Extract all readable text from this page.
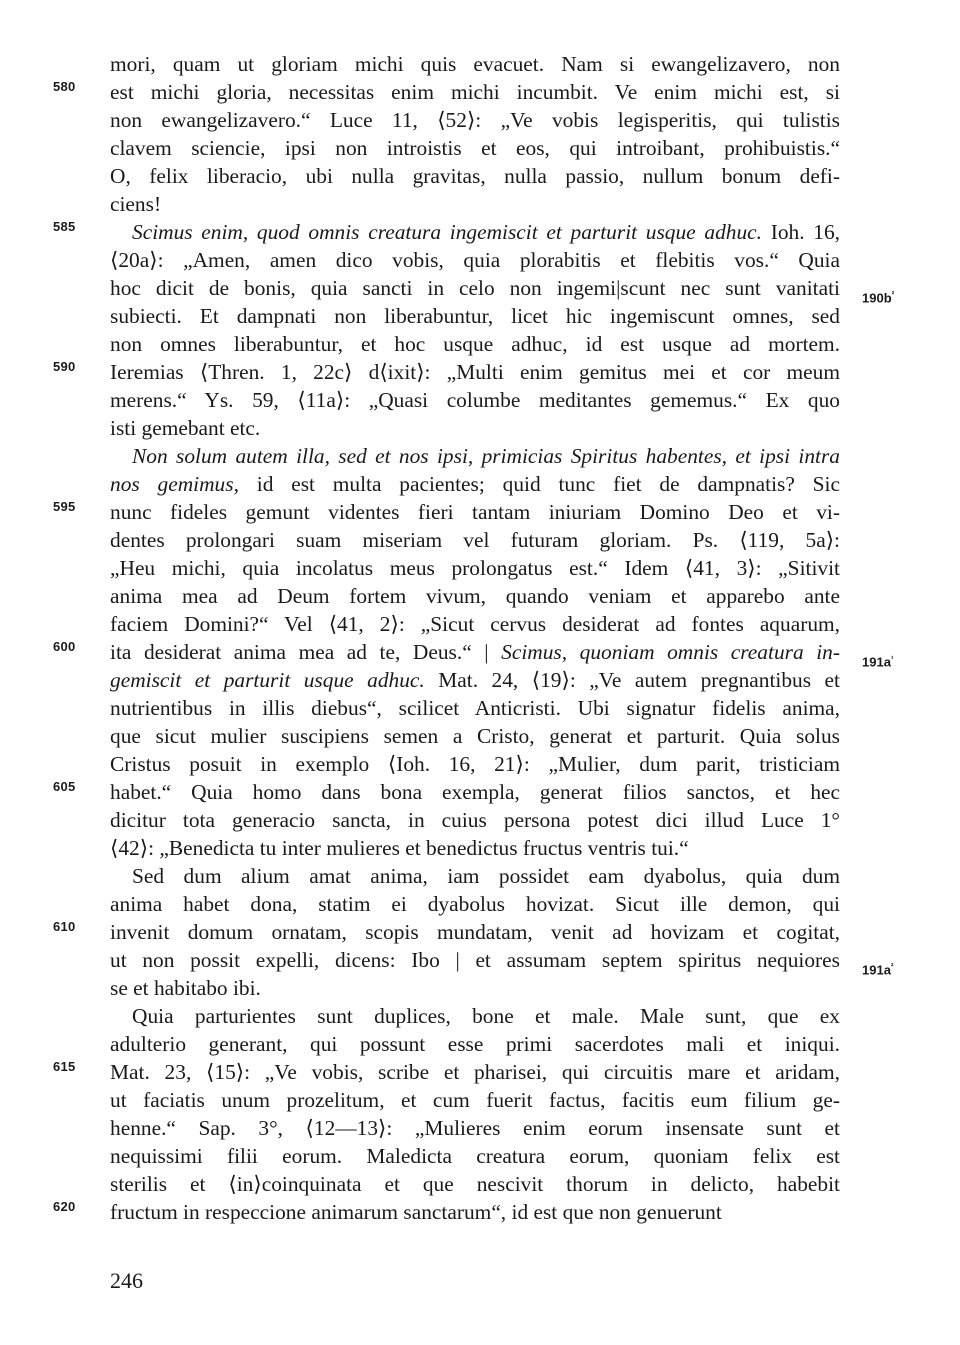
mori, quam ut gloriam michi quis evacuet. Nam si ewangelizavero, non
est michi gloria, necessitas enim michi incumbit. Ve enim michi est, si
non ewangelizavero.“ Luce 11, ⟨52⟩: „Ve vobis legisperitis, qui tulistis
clavem sciencie, ipsi non introistis et eos, qui introibant, prohibuistis.“
O, felix liberacio, ubi nulla gravitas, nulla passio, nullum bonum defi-
ciens!
Scimus enim, quod omnis creatura ingemiscit et parturit usque adhuc. Ioh. 16,
⟨20a⟩: „Amen, amen dico vobis, quia plorabitis et flebitis vos.“ Quia
hoc dicit de bonis, quia sancti in celo non ingemi|scunt nec sunt vanitati
subiecti. Et dampnati non liberabuntur, licet hic ingemiscunt omnes, sed
non omnes liberabuntur, et hoc usque adhuc, id est usque ad mortem.
Ieremias ⟨Thren. 1, 22c⟩ d⟨ixit⟩: „Multi enim gemitus mei et cor meum
merens.“ Ys. 59, ⟨11a⟩: „Quasi columbe meditantes gememus.“ Ex quo
isti gemebant etc.
Non solum autem illa, sed et nos ipsi, primicias Spiritus habentes, et ipsi intra
nos gemimus, id est multa pacientes; quid tunc fiet de dampnatis? Sic
nunc fideles gemunt videntes fieri tantam iniuriam Domino Deo et vi-
dentes prolongari suam miseriam vel futuram gloriam. Ps. ⟨119, 5a⟩:
„Heu michi, quia incolatus meus prolongatus est.“ Idem ⟨41, 3⟩: „Sitivit
anima mea ad Deum fortem vivum, quando veniam et apparebo ante
faciem Domini?“ Vel ⟨41, 2⟩: „Sicut cervus desiderat ad fontes aquarum,
ita desiderat anima mea ad te, Deus.“ | Scimus, quoniam omnis creatura in-
gemiscit et parturit usque adhuc. Mat. 24, ⟨19⟩: „Ve autem pregnantibus et
nutrientibus in illis diebus“, scilicet Anticristi. Ubi signatur fidelis anima,
que sicut mulier suscipiens semen a Cristo, generat et parturit. Quia solus
Cristus posuit in exemplo ⟨Ioh. 16, 21⟩: „Mulier, dum parit, tristiciam
habet.“ Quia homo dans bona exempla, generat filios sanctos, et hec
dicitur tota generacio sancta, in cuius persona potest dici illud Luce 1°
⟨42⟩: „Benedicta tu inter mulieres et benedictus fructus ventris tui.“
Sed dum alium amat anima, iam possidet eam dyabolus, quia dum
anima habet dona, statim ei dyabolus hovizat. Sicut ille demon, qui
invenit domum ornatam, scopis mundatam, venit ad hovizam et cogitat,
ut non possit expelli, dicens: Ibo | et assumam septem spiritus nequiores
se et habitabo ibi.
Quia parturientes sunt duplices, bone et male. Male sunt, que ex
adulterio generant, qui possunt esse primi sacerdotes mali et iniqui.
Mat. 23, ⟨15⟩: „Ve vobis, scribe et pharisei, qui circuitis mare et aridam,
ut faciatis unum prozelitum, et cum fuerit factus, facitis eum filium ge-
henne.“ Sap. 3°, ⟨12—13⟩: „Mulieres enim eorum insensate sunt et
nequissimi filii eorum. Maledicta creatura eorum, quoniam felix est
sterilis et ⟨in⟩coinquinata et que nescivit thorum in delicto, habebit
fructum in respeccione animarum sanctarum“, id est que non genuerunt
580
585
590
595
600
605
610
615
620
$190b^{^2}$
$191a^{^1}$
$191a^{^2}$
246
